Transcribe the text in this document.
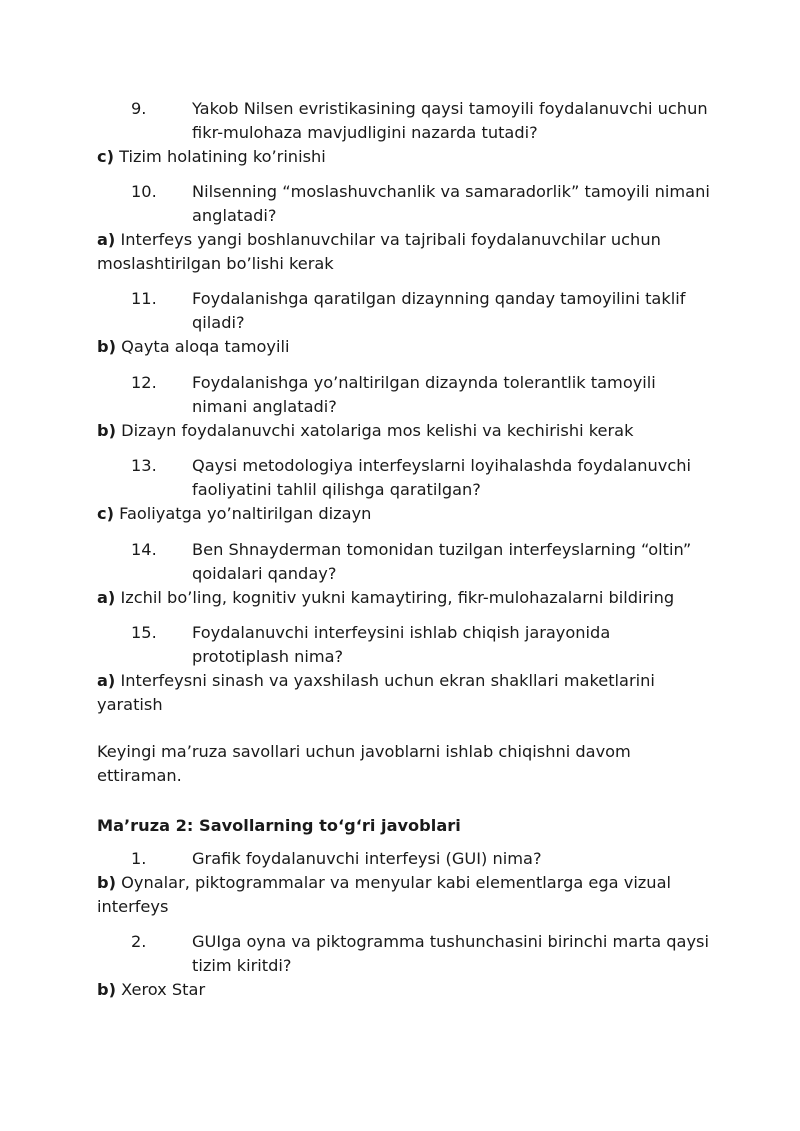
9.	Yakob Nilsen evristikasining qaysi tamoyili foydalanuvchi uchun fikr-mulohaza mavjudligini nazarda tutadi?
c) Tizim holatining ko’rinishi
10. Nilsenning “moslashuvchanlik va samaradorlik” tamoyili nimani anglatadi?
a) Interfeys yangi boshlanuvchilar va tajribali foydalanuvchilar uchun moslashtirilgan bo’lishi kerak
11. Foydalanishga qaratilgan dizaynning qanday tamoyilini taklif qiladi?
b) Qayta aloqa tamoyili
12. Foydalanishga yo’naltirilgan dizaynda tolerantlik tamoyili nimani anglatadi?
b) Dizayn foydalanuvchi xatolariga mos kelishi va kechirishi kerak
13. Qaysi metodologiya interfeyslarni loyihalashda foydalanuvchi faoliyatini tahlil qilishga qaratilgan?
c) Faoliyatga yo’naltirilgan dizayn
14. Ben Shnayderman tomonidan tuzilgan interfeyslarning “oltin” qoidalari qanday?
a) Izchil bo’ling, kognitiv yukni kamaytiring, fikr-mulohazalarni bildiring
15. Foydalanuvchi interfeysini ishlab chiqish jarayonida prototiplash nima?
a) Interfeysni sinash va yaxshilash uchun ekran shakllari maketlarini yaratish
Keyingi ma’ruza savollari uchun javoblarni ishlab chiqishni davom ettiraman.
Ma’ruza 2: Savollarning to‘g‘ri javoblari
1.	Grafik foydalanuvchi interfeysi (GUI) nima?
b) Oynalar, piktogrammalar va menyular kabi elementlarga ega vizual interfeys
2.	GUIga oyna va piktogramma tushunchasini birinchi marta qaysi tizim kiritdi?
b) Xerox Star
